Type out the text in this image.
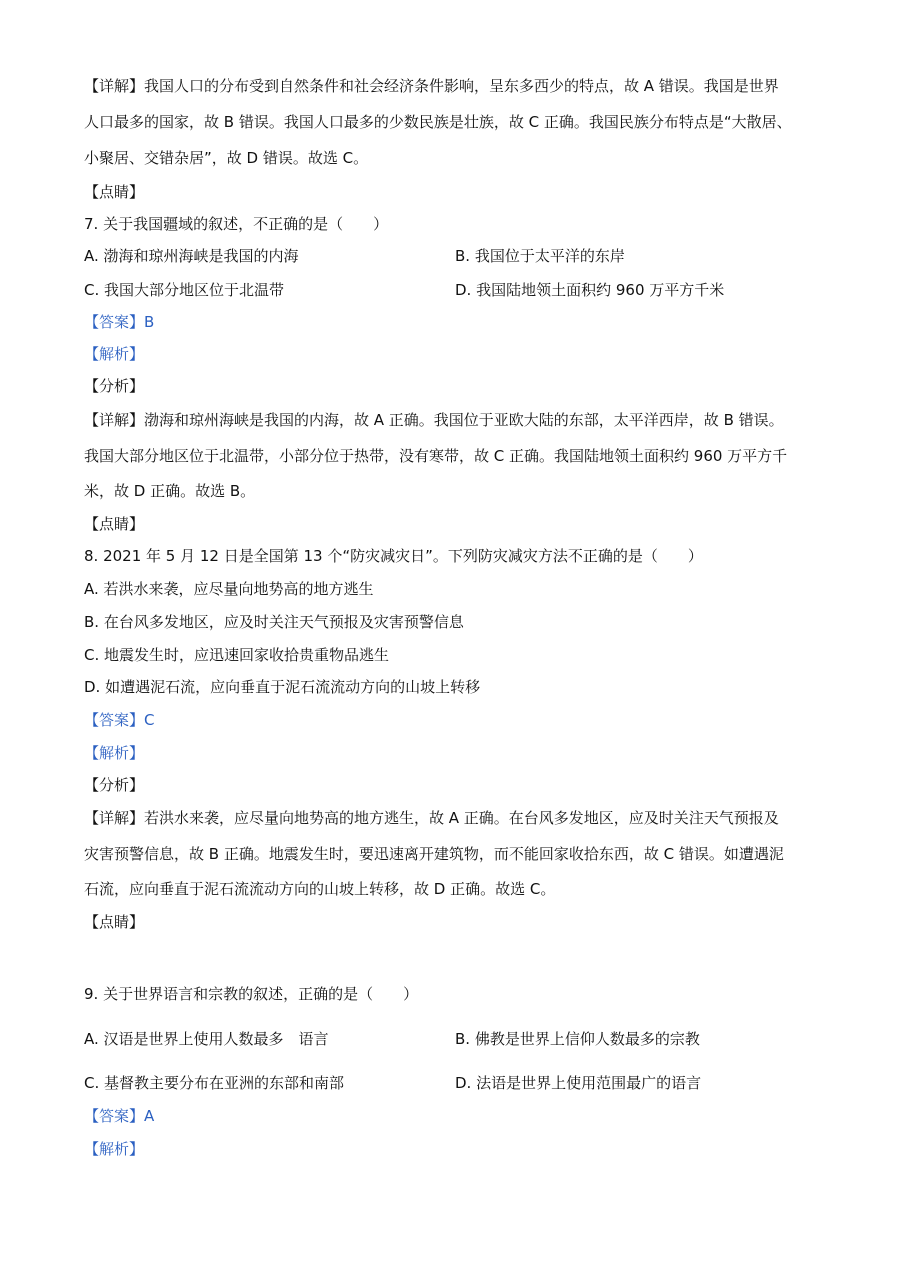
【详解】我国人口的分布受到自然条件和社会经济条件影响，呈东多西少的特点，故 A 错误。我国是世界
人口最多的国家，故 B 错误。我国人口最多的少数民族是壮族，故 C 正确。我国民族分布特点是“大散居、
小聚居、交错杂居”，故 D 错误。故选 C。
【点睛】
7. 关于我国疆域的叙述，不正确的是（　　）
A. 渤海和琼州海峡是我国的内海	B. 我国位于太平洋的东岸
C. 我国大部分地区位于北温带	D. 我国陆地领土面积约 960 万平方千米
【答案】B
【解析】
【分析】
【详解】渤海和琼州海峡是我国的内海，故 A 正确。我国位于亚欧大陆的东部，太平洋西岸，故 B 错误。
我国大部分地区位于北温带，小部分位于热带，没有寒带，故 C 正确。我国陆地领土面积约 960 万平方千
米，故 D 正确。故选 B。
【点睛】
8. 2021 年 5 月 12 日是全国第 13 个“防灾减灾日”。下列防灾减灾方法不正确的是（　　）
A. 若洪水来袭，应尽量向地势高的地方逃生
B. 在台风多发地区，应及时关注天气预报及灾害预警信息
C. 地震发生时，应迅速回家收拾贵重物品逃生
D. 如遭遇泥石流，应向垂直于泥石流流动方向的山坡上转移
【答案】C
【解析】
【分析】
【详解】若洪水来袭，应尽量向地势高的地方逃生，故 A 正确。在台风多发地区，应及时关注天气预报及
灾害预警信息，故 B 正确。地震发生时，要迅速离开建筑物，而不能回家收拾东西，故 C 错误。如遭遇泥
石流，应向垂直于泥石流流动方向的山坡上转移，故 D 正确。故选 C。
【点睛】
9. 关于世界语言和宗教的叙述，正确的是（　　）
A. 汉语是世界上使用人数最多　语言	B. 佛教是世界上信仰人数最多的宗教
C. 基督教主要分布在亚洲的东部和南部	D. 法语是世界上使用范围最广的语言
【答案】A
【解析】
